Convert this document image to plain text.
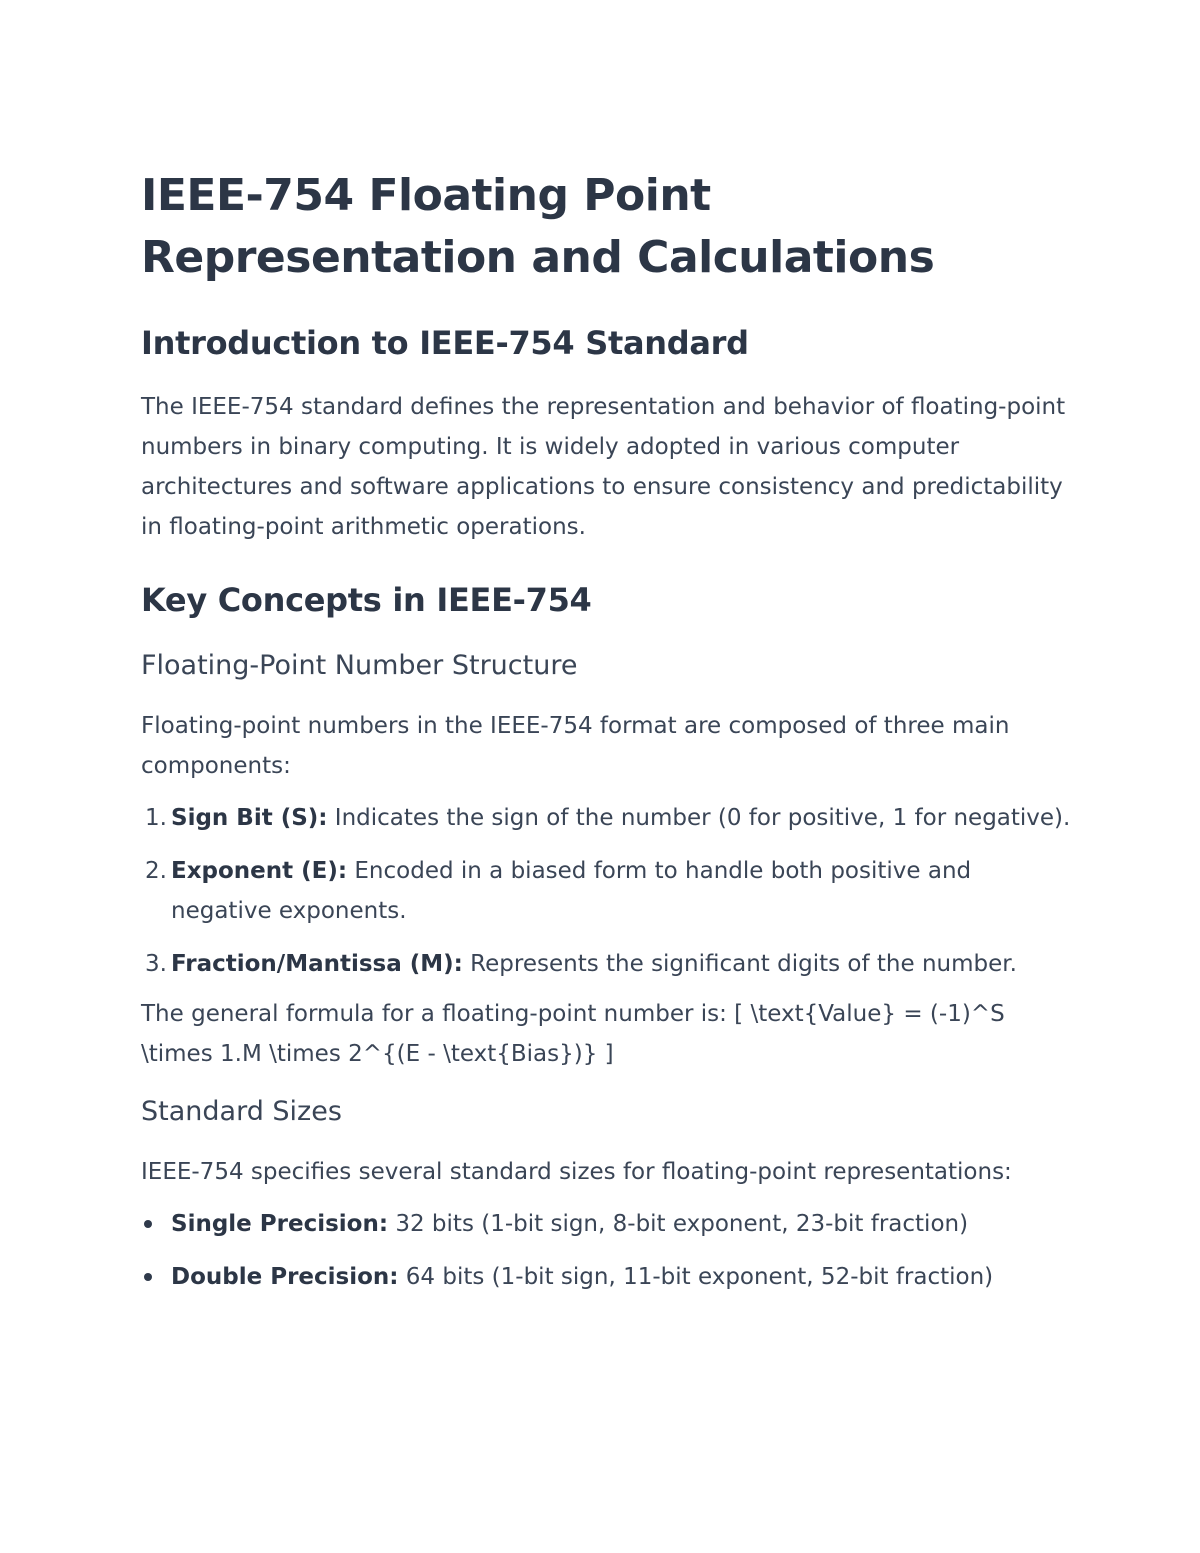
IEEE-754 Floating Point Representation and Calculations
Introduction to IEEE-754 Standard

The IEEE-754 standard defines the representation and behavior of floating-point numbers in binary computing. It is widely adopted in various computer architectures and software applications to ensure consistency and predictability in floating-point arithmetic operations.

Key Concepts in IEEE-754
Floating-Point Number Structure

Floating-point numbers in the IEEE-754 format are composed of three main components:

1. Sign Bit (S): Indicates the sign of the number (0 for positive, 1 for negative).
2. Exponent (E): Encoded in a biased form to handle both positive and negative exponents.
3. Fraction/Mantissa (M): Represents the significant digits of the number.

The general formula for a floating-point number is: [ \text{Value} = (-1)^S \times 1.M \times 2^{(E - \text{Bias})} ]

Standard Sizes

IEEE-754 specifies several standard sizes for floating-point representations:

Single Precision: 32 bits (1-bit sign, 8-bit exponent, 23-bit fraction)
Double Precision: 64 bits (1-bit sign, 11-bit exponent, 52-bit fraction)
